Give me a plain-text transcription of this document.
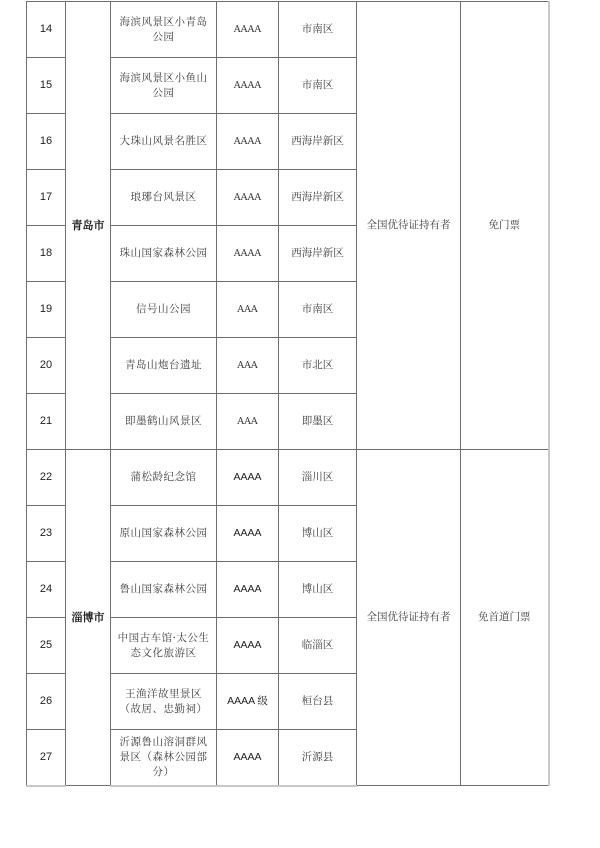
14	青岛市	海滨风景区小青岛公园	AAAA	市南区	全国优待证持有者	免门票
15		海滨风景区小鱼山公园	AAAA	市南区		
16		大珠山风景名胜区	AAAA	西海岸新区		
17		琅琊台风景区	AAAA	西海岸新区		
18		珠山国家森林公园	AAAA	西海岸新区		
19		信号山公园	AAA	市南区		
20		青岛山炮台遗址	AAA	市北区		
21		即墨鹤山风景区	AAA	即墨区		
22	淄博市	蒲松龄纪念馆	AAAA	淄川区	全国优待证持有者	免首道门票
23		原山国家森林公园	AAAA	博山区		
24		鲁山国家森林公园	AAAA	博山区		
25		中国古车馆·太公生态文化旅游区	AAAA	临淄区		
26		王渔洋故里景区（故居、忠勤祠）	AAAA 级	桓台县		
27		沂源鲁山溶洞群风景区（森林公园部分）	AAAA	沂源县		
